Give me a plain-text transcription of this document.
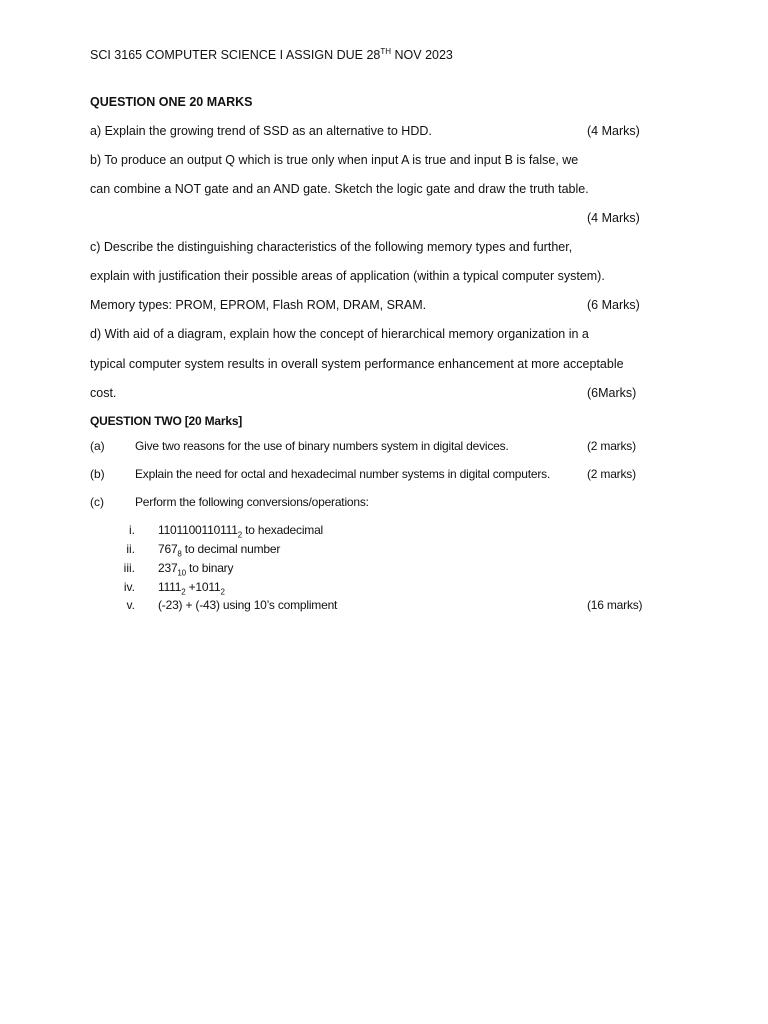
SCI 3165 COMPUTER SCIENCE I ASSIGN DUE 28TH NOV 2023
QUESTION ONE 20 MARKS
a) Explain the growing trend of SSD as an alternative to HDD.	(4 Marks)
b) To produce an output Q which is true only when input A is true and input B is false, we
can combine a NOT gate and an AND gate. Sketch the logic gate and draw the truth table.
(4 Marks)
c) Describe the distinguishing characteristics of the following memory types and further,
explain with justification their possible areas of application (within a typical computer system).
Memory types: PROM, EPROM, Flash ROM, DRAM, SRAM.	(6 Marks)
d) With aid of a diagram, explain how the concept of hierarchical memory organization in a
typical computer system results in overall system performance enhancement at more acceptable
cost.	(6Marks)
QUESTION TWO [20 Marks]
(a)	Give two reasons for the use of binary numbers system in digital devices.	(2 marks)
(b)	Explain the need for octal and hexadecimal number systems in digital computers.	(2 marks)
(c)	Perform the following conversions/operations:
i. $1101100110111_2$ to hexadecimal
ii. $767_8$ to decimal number
iii. $237_{10}$ to binary
iv. $1111_2 +1011_2$
v. (-23) + (-43) using 10’s compliment	(16 marks)
